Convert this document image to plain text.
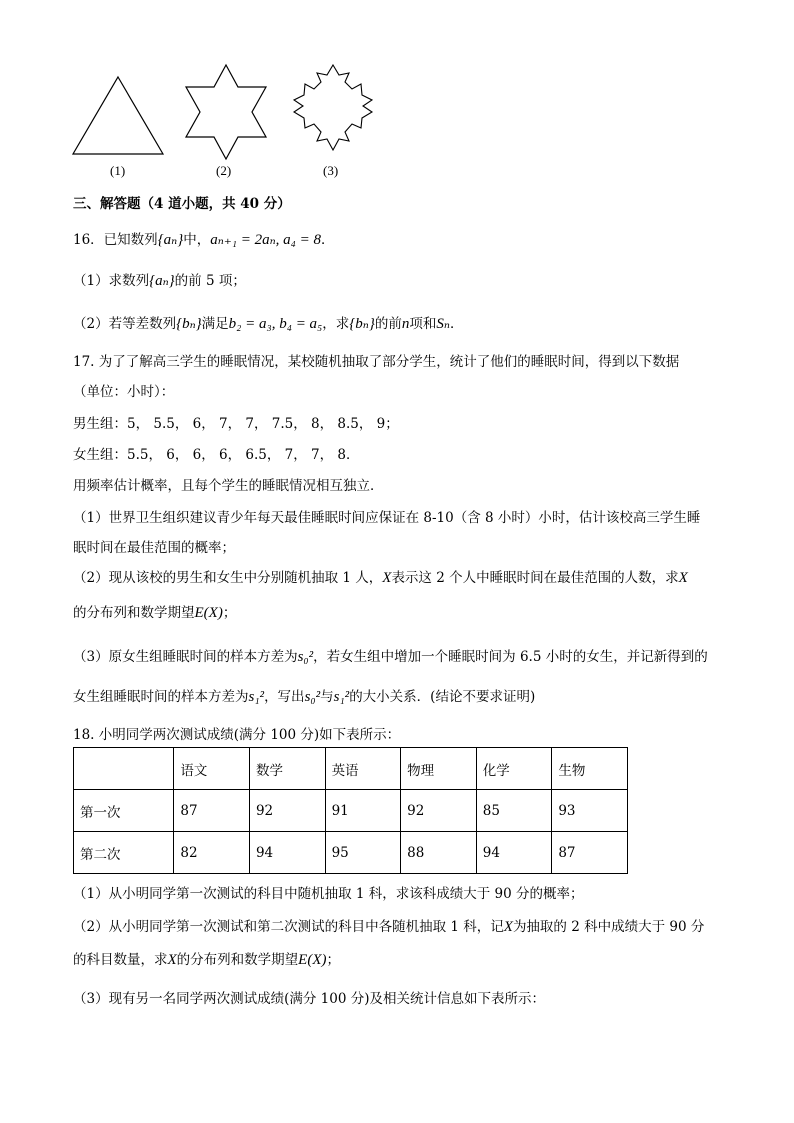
(1)	(2)	(3)
三、解答题（4 道小题，共 40 分）
16．已知数列{aₙ}中，aₙ₊₁ = 2aₙ, a₄ = 8．
（1）求数列{aₙ}的前 5 项；
（2）若等差数列{bₙ}满足b₂ = a₃, b₄ = a₅，求{bₙ}的前n项和Sₙ．
17. 为了了解高三学生的睡眠情况，某校随机抽取了部分学生，统计了他们的睡眠时间，得到以下数据
（单位：小时）：
男生组：5， 5.5， 6， 7， 7， 7.5， 8， 8.5， 9；
女生组：5.5， 6， 6， 6， 6.5， 7， 7， 8．
用频率估计概率，且每个学生的睡眠情况相互独立．
（1）世界卫生组织建议青少年每天最佳睡眠时间应保证在 8-10（含 8 小时）小时，估计该校高三学生睡
眠时间在最佳范围的概率；
（2）现从该校的男生和女生中分别随机抽取 1 人，X表示这 2 个人中睡眠时间在最佳范围的人数，求X
的分布列和数学期望E(X)；
（3）原女生组睡眠时间的样本方差为s₀²，若女生组中增加一个睡眠时间为 6.5 小时的女生，并记新得到的
女生组睡眠时间的样本方差为s₁²，写出s₀²与s₁²的大小关系．(结论不要求证明)
18. 小明同学两次测试成绩(满分 100 分)如下表所示：
	语文	数学	英语	物理	化学	生物
第一次	87	92	91	92	85	93
第二次	82	94	95	88	94	87
（1）从小明同学第一次测试的科目中随机抽取 1 科，求该科成绩大于 90 分的概率；
（2）从小明同学第一次测试和第二次测试的科目中各随机抽取 1 科，记X为抽取的 2 科中成绩大于 90 分
的科目数量，求X的分布列和数学期望E(X)；
（3）现有另一名同学两次测试成绩(满分 100 分)及相关统计信息如下表所示：
